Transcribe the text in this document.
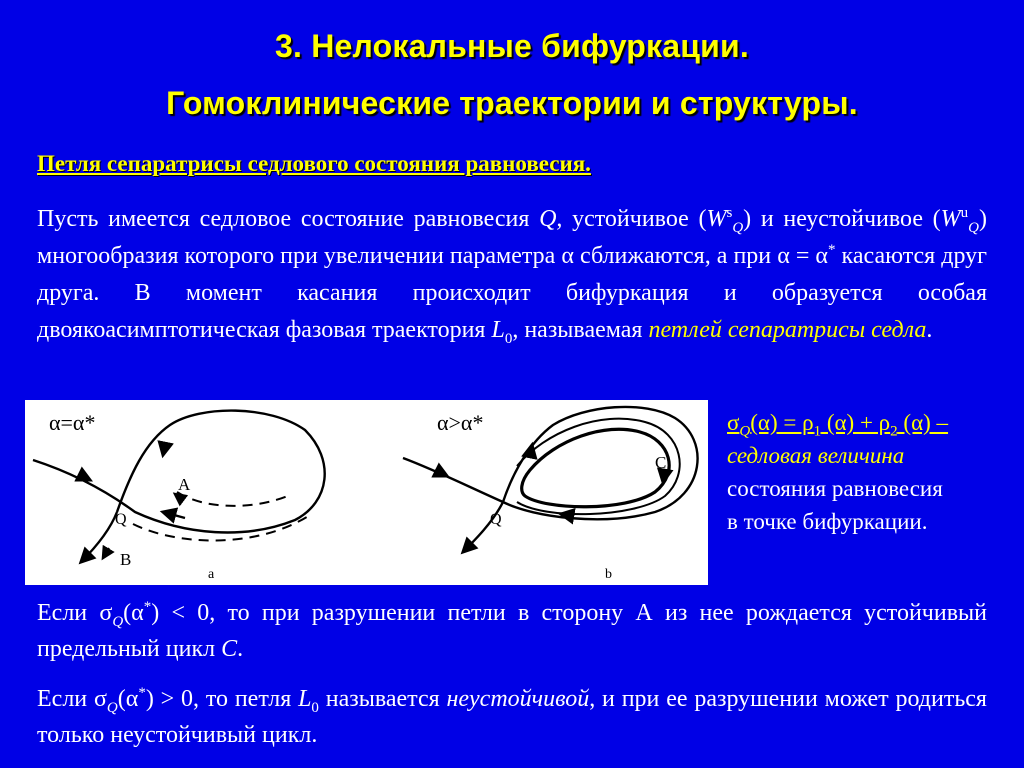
3. Нелокальные бифуркации.
Гомоклинические траектории и структуры.
Петля сепаратрисы седлового состояния равновесия.
Пусть имеется седловое состояние равновесия Q, устойчивое $(W^s_Q)$ и неустойчивое $(W^u_Q)$ многообразия которого при увеличении параметра α сближаются, а при α = α* касаются друг друга. В момент касания происходит бифуркация и образуется особая двоякоасимптотическая фазовая траектория $L_0$, называемая петлей сепаратрисы седла.
α=α*
A
B
Q
a
α>α*
C
Q
b
$\sigma_Q(\alpha) = \rho_1$ $(\alpha) + \rho_2$ (α) –
седловая величина
состояния равновесия
в точке бифуркации.
Если $\sigma_Q(\alpha^*) < 0$, то при разрушении петли в сторону А из нее рождается устойчивый предельный цикл C.
Если $\sigma_Q(\alpha^*) > 0$, то петля $L_0$ называется неустойчивой, и при ее разрушении может родиться только неустойчивый цикл.
